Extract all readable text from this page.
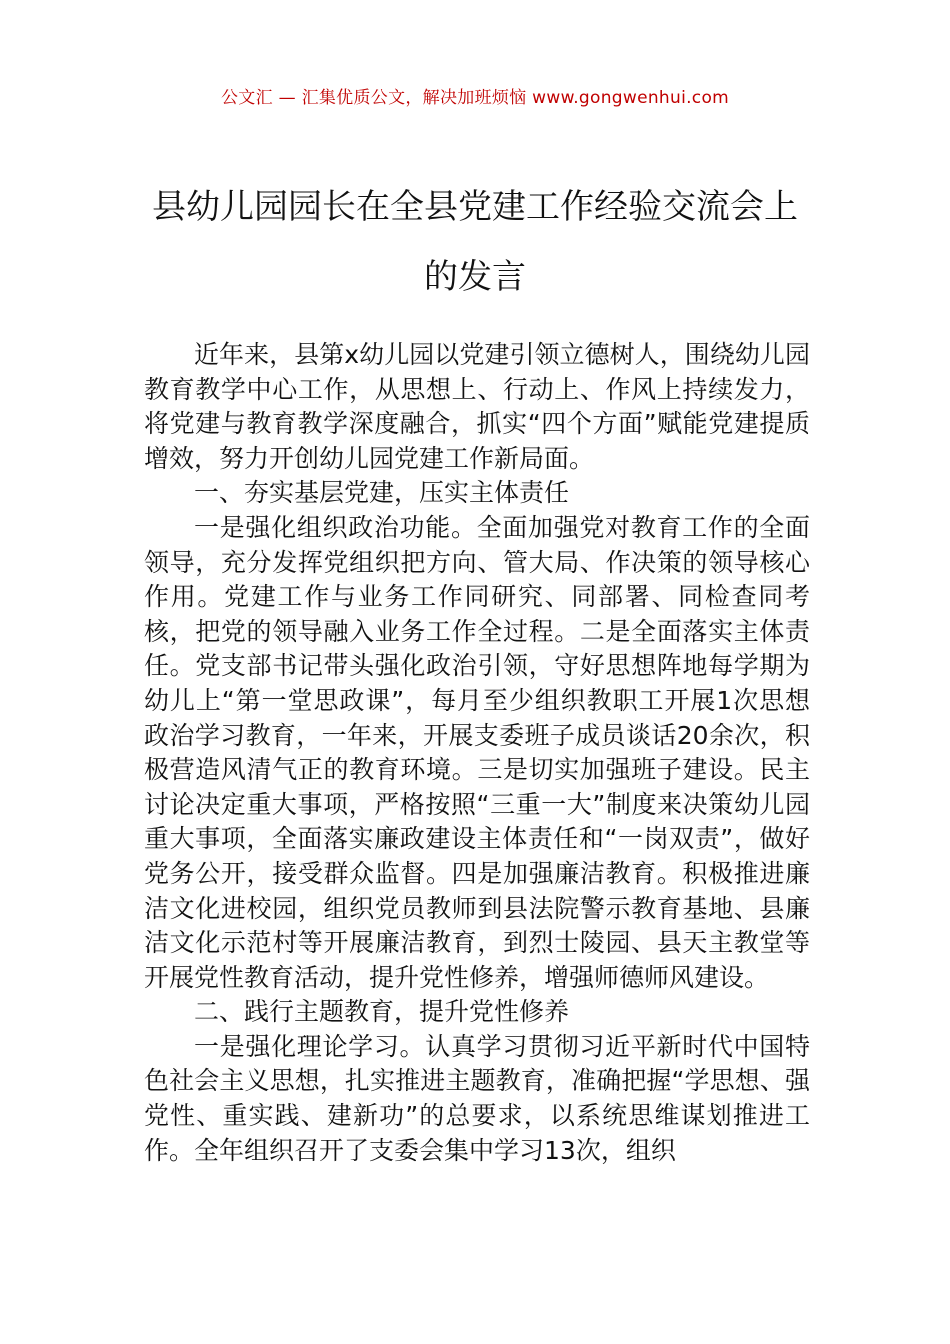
公文汇 — 汇集优质公文，解决加班烦恼 www.gongwenhui.com
县幼儿园园长在全县党建工作经验交流会上的发言

近年来，县第x幼儿园以党建引领立德树人，围绕幼儿园教育教学中心工作，从思想上、行动上、作风上持续发力，将党建与教育教学深度融合，抓实“四个方面”赋能党建提质增效，努力开创幼儿园党建工作新局面。

一、夯实基层党建，压实主体责任

一是强化组织政治功能。全面加强党对教育工作的全面领导，充分发挥党组织把方向、管大局、作决策的领导核心作用。党建工作与业务工作同研究、同部署、同检查同考核，把党的领导融入业务工作全过程。二是全面落实主体责任。党支部书记带头强化政治引领，守好思想阵地每学期为幼儿上“第一堂思政课”，每月至少组织教职工开展1次思想政治学习教育，一年来，开展支委班子成员谈话20余次，积极营造风清气正的教育环境。三是切实加强班子建设。民主讨论决定重大事项，严格按照“三重一大”制度来决策幼儿园重大事项，全面落实廉政建设主体责任和“一岗双责”，做好党务公开，接受群众监督。四是加强廉洁教育。积极推进廉洁文化进校园，组织党员教师到县法院警示教育基地、县廉洁文化示范村等开展廉洁教育，到烈士陵园、县天主教堂等开展党性教育活动，提升党性修养，增强师德师风建设。

二、践行主题教育，提升党性修养

一是强化理论学习。认真学习贯彻习近平新时代中国特色社会主义思想，扎实推进主题教育，准确把握“学思想、强党性、重实践、建新功”的总要求，以系统思维谋划推进工作。全年组织召开了支委会集中学习13次，组织
